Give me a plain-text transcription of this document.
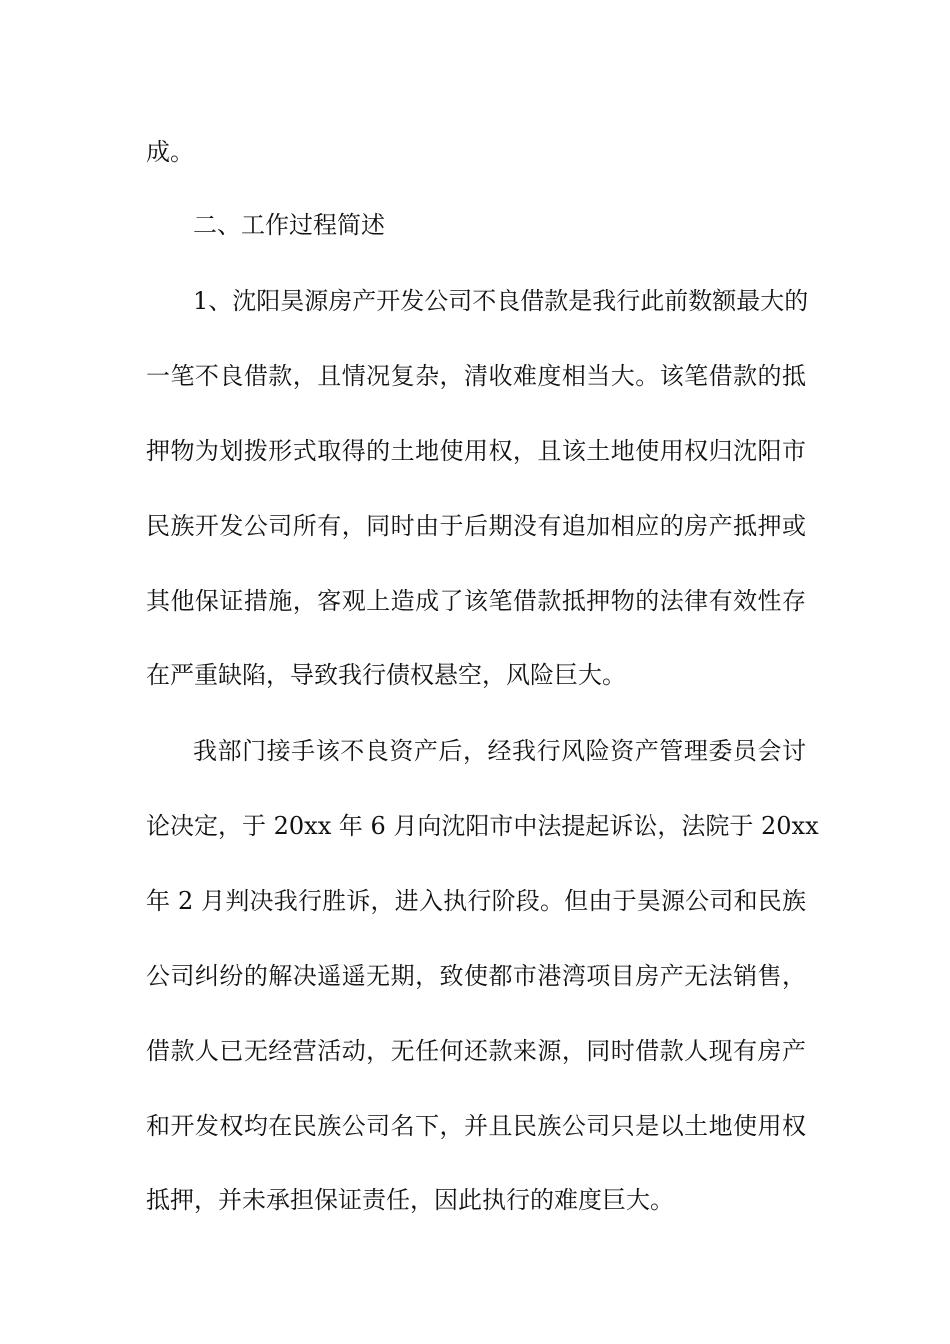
成。
二、工作过程简述
1、沈阳昊源房产开发公司不良借款是我行此前数额最大的
一笔不良借款，且情况复杂，清收难度相当大。该笔借款的抵
押物为划拨形式取得的土地使用权，且该土地使用权归沈阳市
民族开发公司所有，同时由于后期没有追加相应的房产抵押或
其他保证措施，客观上造成了该笔借款抵押物的法律有效性存
在严重缺陷，导致我行债权悬空，风险巨大。
我部门接手该不良资产后，经我行风险资产管理委员会讨
论决定，于 20xx 年 6 月向沈阳市中法提起诉讼，法院于 20xx
年 2 月判决我行胜诉，进入执行阶段。但由于昊源公司和民族
公司纠纷的解决遥遥无期，致使都市港湾项目房产无法销售，
借款人已无经营活动，无任何还款来源，同时借款人现有房产
和开发权均在民族公司名下，并且民族公司只是以土地使用权
抵押，并未承担保证责任，因此执行的难度巨大。
